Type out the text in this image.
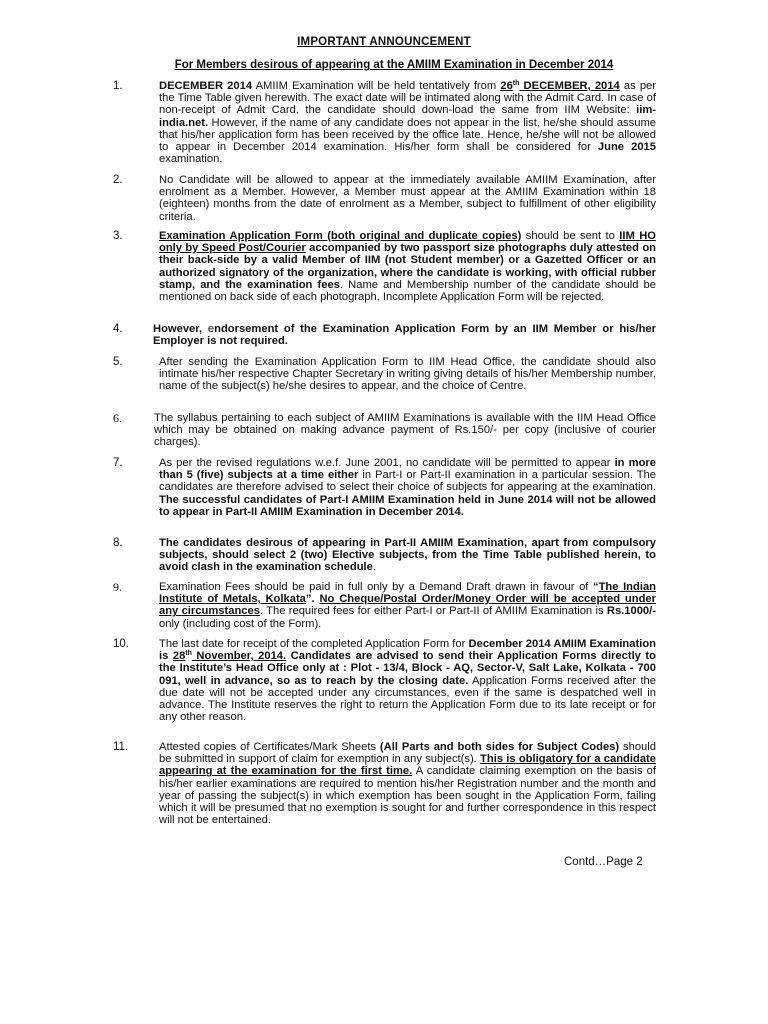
IMPORTANT ANNOUNCEMENT
For Members desirous of appearing at the AMIIM Examination in December 2014
1.	DECEMBER 2014 AMIIM Examination will be held tentatively from 26th DECEMBER, 2014 as per the Time Table given herewith. The exact date will be intimated along with the Admit Card. In case of non-receipt of Admit Card, the candidate should down-load the same from IIM Website: iim-india.net. However, if the name of any candidate does not appear in the list, he/she should assume that his/her application form has been received by the office late. Hence, he/she will not be allowed to appear in December 2014 examination. His/her form shall be considered for June 2015 examination.
2.	No Candidate will be allowed to appear at the immediately available AMIIM Examination, after enrolment as a Member. However, a Member must appear at the AMIIM Examination within 18 (eighteen) months from the date of enrolment as a Member, subject to fulfillment of other eligibility criteria.
3.	Examination Application Form (both original and duplicate copies) should be sent to IIM HO only by Speed Post/Courier accompanied by two passport size photographs duly attested on their back-side by a valid Member of IIM (not Student member) or a Gazetted Officer or an authorized signatory of the organization, where the candidate is working, with official rubber stamp, and the examination fees. Name and Membership number of the candidate should be mentioned on back side of each photograph. Incomplete Application Form will be rejected.
4.	However, endorsement of the Examination Application Form by an IIM Member or his/her Employer is not required.
5.	After sending the Examination Application Form to IIM Head Office, the candidate should also intimate his/her respective Chapter Secretary in writing giving details of his/her Membership number, name of the subject(s) he/she desires to appear, and the choice of Centre.
6.	The syllabus pertaining to each subject of AMIIM Examinations is available with the IIM Head Office which may be obtained on making advance payment of Rs.150/- per copy (inclusive of courier charges).
7.	As per the revised regulations w.e.f. June 2001, no candidate will be permitted to appear in more than 5 (five) subjects at a time either in Part-I or Part-II examination in a particular session. The candidates are therefore advised to select their choice of subjects for appearing at the examination. The successful candidates of Part-I AMIIM Examination held in June 2014 will not be allowed to appear in Part-II AMIIM Examination in December 2014.
8.	The candidates desirous of appearing in Part-II AMIIM Examination, apart from compulsory subjects, should select 2 (two) Elective subjects, from the Time Table published herein, to avoid clash in the examination schedule.
9.	Examination Fees should be paid in full only by a Demand Draft drawn in favour of “The Indian Institute of Metals, Kolkata”. No Cheque/Postal Order/Money Order will be accepted under any circumstances. The required fees for either Part-I or Part-II of AMIIM Examination is Rs.1000/- only (including cost of the Form).
10.	The last date for receipt of the completed Application Form for December 2014 AMIIM Examination is 28th November, 2014. Candidates are advised to send their Application Forms directly to the Institute’s Head Office only at : Plot - 13/4, Block - AQ, Sector-V, Salt Lake, Kolkata - 700 091, well in advance, so as to reach by the closing date. Application Forms received after the due date will not be accepted under any circumstances, even if the same is despatched well in advance. The Institute reserves the right to return the Application Form due to its late receipt or for any other reason.
11.	Attested copies of Certificates/Mark Sheets (All Parts and both sides for Subject Codes) should be submitted in support of claim for exemption in any subject(s). This is obligatory for a candidate appearing at the examination for the first time. A candidate claiming exemption on the basis of his/her earlier examinations are required to mention his/her Registration number and the month and year of passing the subject(s) in which exemption has been sought in the Application Form, failing which it will be presumed that no exemption is sought for and further correspondence in this respect will not be entertained.
Contd…Page 2
